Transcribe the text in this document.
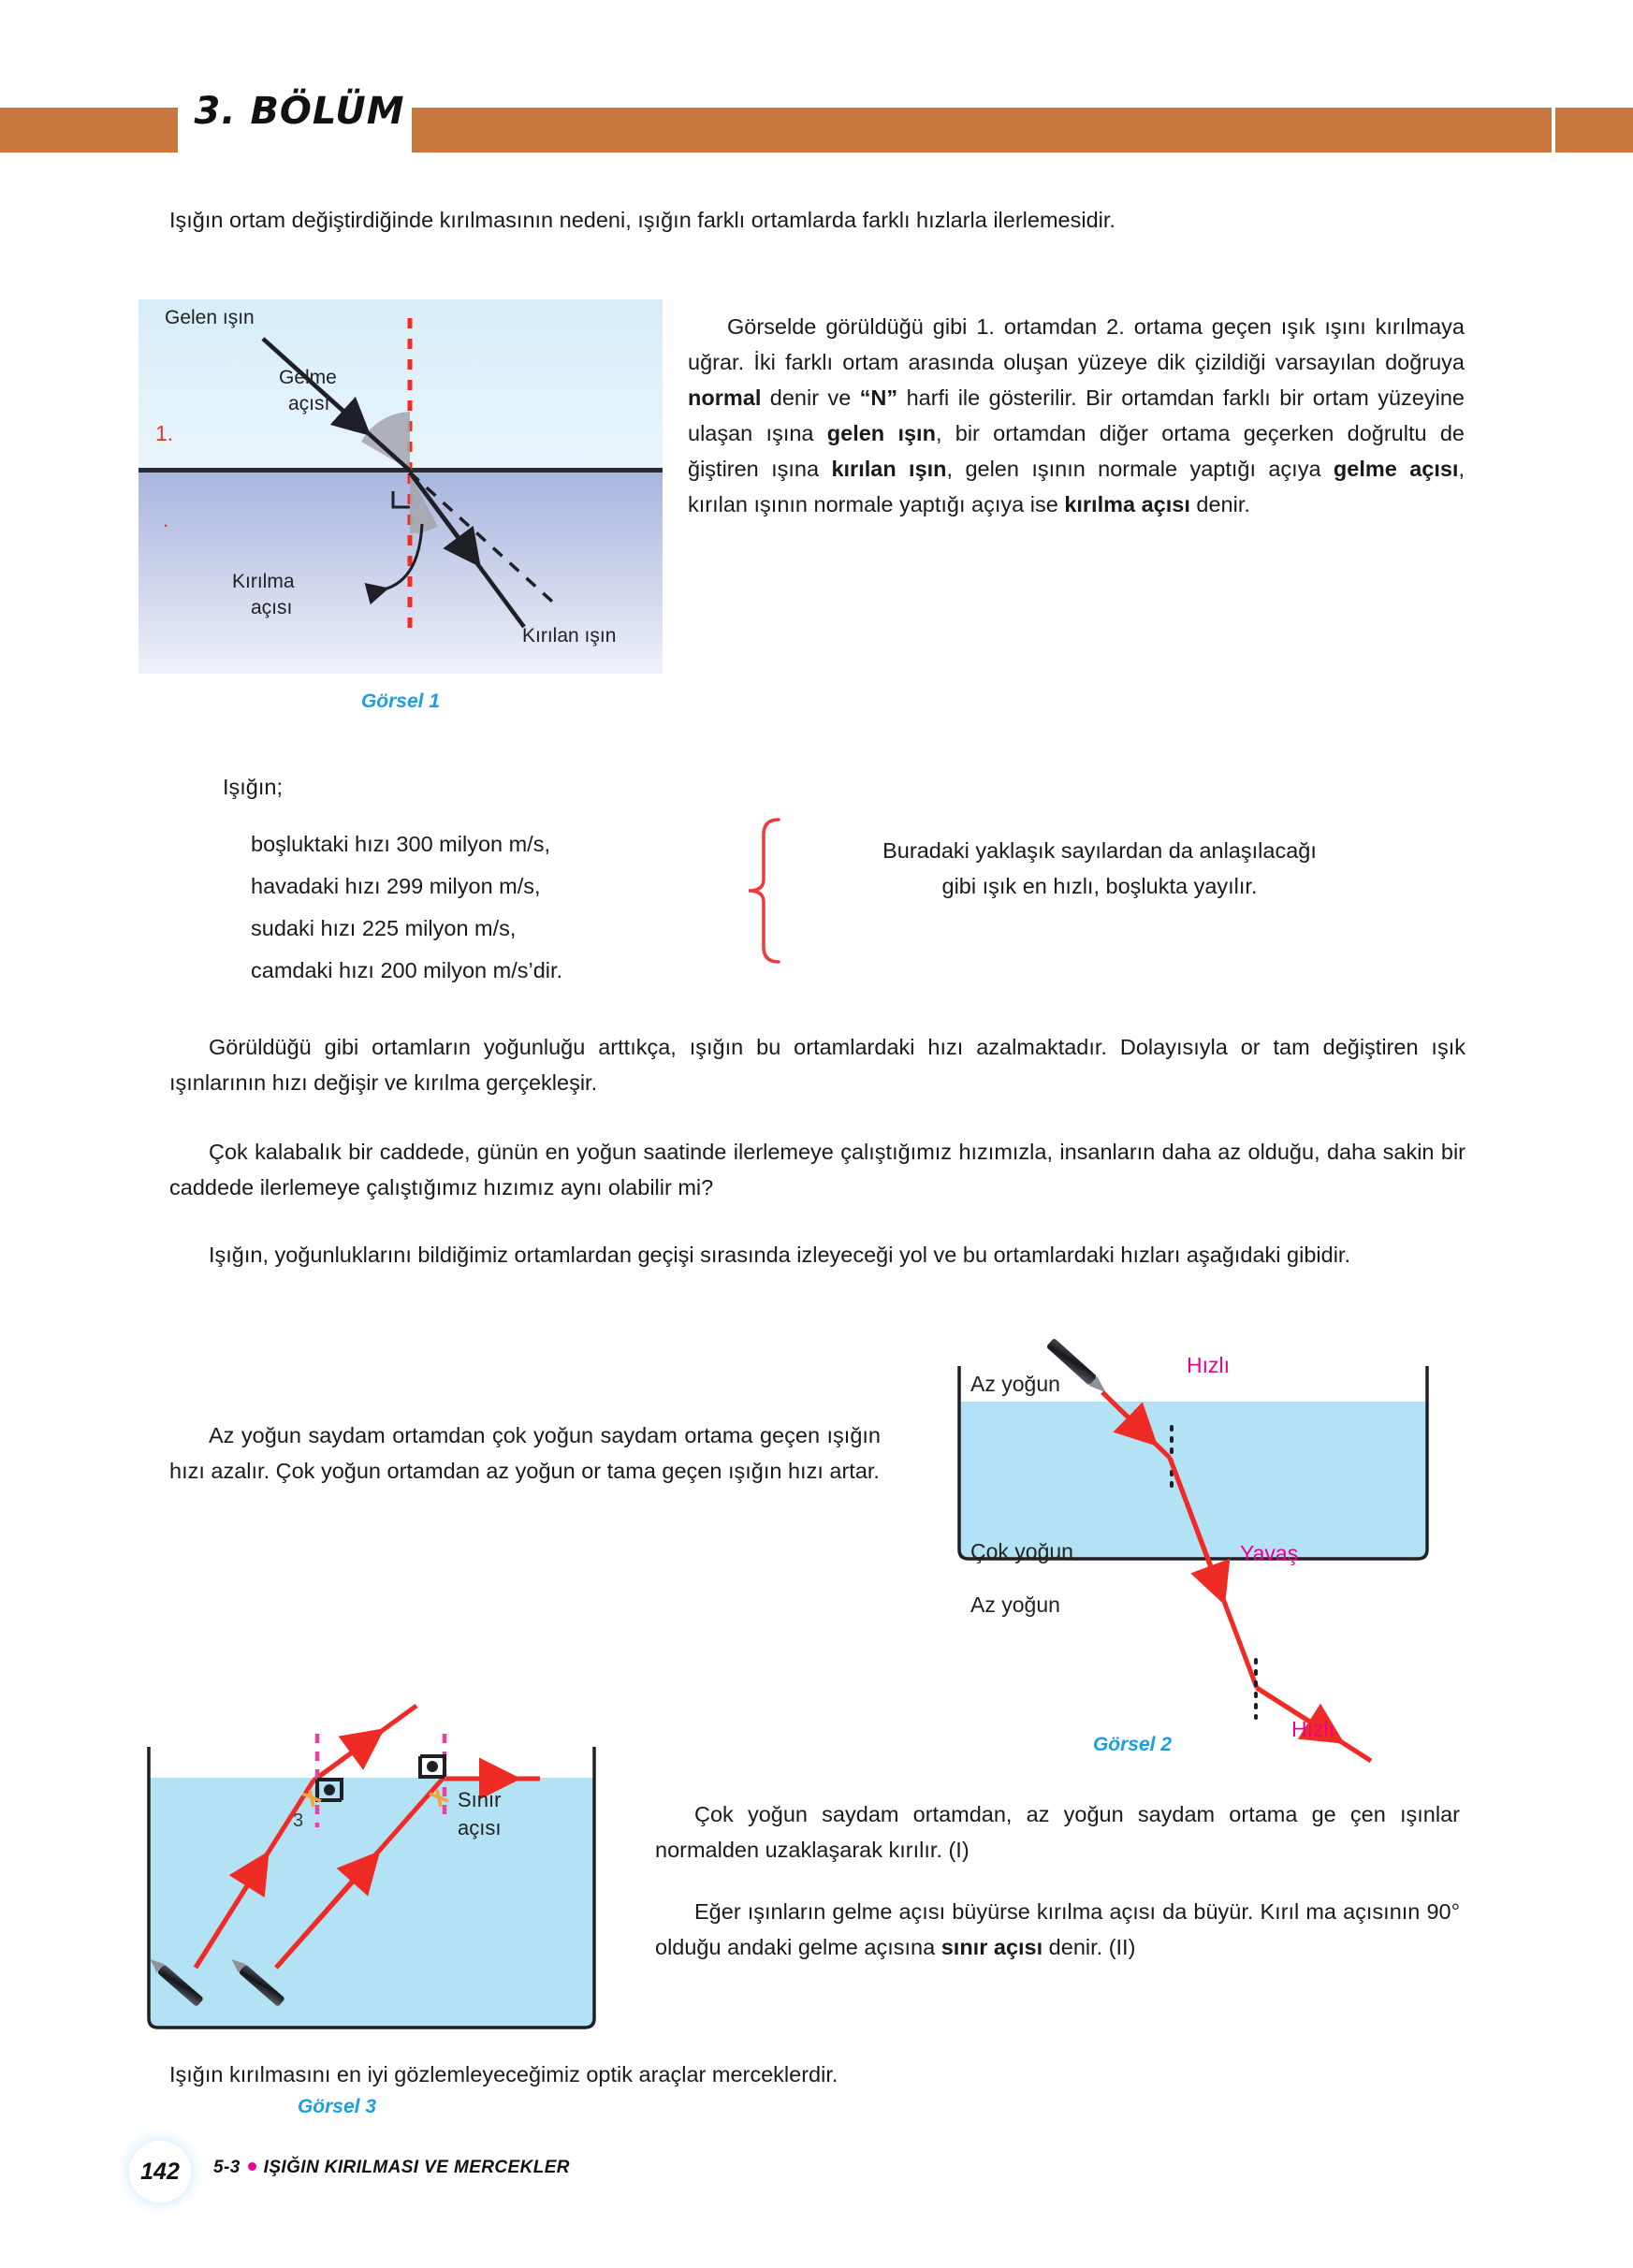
3. BÖLÜM
Işığın ortam değiştirdiğinde kırılmasının nedeni, ışığın farklı ortamlarda farklı hızlarla ilerlemesidir.
Gelen ışın
Gelme
açısı
Kırılma
açısı
Kırılan ışın
1.
.
Görsel 1

Görselde görüldüğü gibi 1. ortamdan 2. ortama geçen ışık ışını kırılmaya uğrar. İki farklı ortam arasında oluşan yüzeye dik çizildiği varsayılan doğruya normal denir ve “N” harfi ile gösterilir. Bir ortamdan farklı bir ortam yüzeyine ulaşan ışına gelen ışın, bir ortamdan diğer ortama geçerken doğrultu de ğiştiren ışına kırılan ışın, gelen ışının normale yaptığı açıya gelme açısı, kırılan ışının normale yaptığı açıya ise kırılma açısı denir.

Işığın;
boşluktaki hızı 300 milyon m/s,
havadaki hızı 299 milyon m/s,
sudaki hızı 225 milyon m/s,
camdaki hızı 200 milyon m/s’dir.
Buradaki yaklaşık sayılardan da anlaşılacağı
gibi ışık en hızlı, boşlukta yayılır.

Görüldüğü gibi ortamların yoğunluğu arttıkça, ışığın bu ortamlardaki hızı azalmaktadır. Dolayısıyla or tam değiştiren ışık ışınlarının hızı değişir ve kırılma gerçekleşir.

Çok kalabalık bir caddede, günün en yoğun saatinde ilerlemeye çalıştığımız hızımızla, insanların daha az olduğu, daha sakin bir caddede ilerlemeye çalıştığımız hızımız aynı olabilir mi?

Işığın, yoğunluklarını bildiğimiz ortamlardan geçişi sırasında izleyeceği yol ve bu ortamlardaki hızları aşağıdaki gibidir.

Az yoğun saydam ortamdan çok yoğun saydam ortama geçen ışığın hızı azalır. Çok yoğun ortamdan az yoğun or tama geçen ışığın hızı artar.

Az yoğun
Çok yoğun
Az yoğun
Hızlı
Yavaş
Hızlı
Görsel 2
3
Sınır
açısı
Görsel 3

Çok yoğun saydam ortamdan, az yoğun saydam ortama ge çen ışınlar normalden uzaklaşarak kırılır. (I)

Eğer ışınların gelme açısı büyürse kırılma açısı da büyür. Kırıl ma açısının 90° olduğu andaki gelme açısına sınır açısı denir. (II)

Işığın kırılmasını en iyi gözlemleyeceğimiz optik araçlar merceklerdir.
142	5-3 IŞIĞIN KIRILMASI VE MERCEKLER
